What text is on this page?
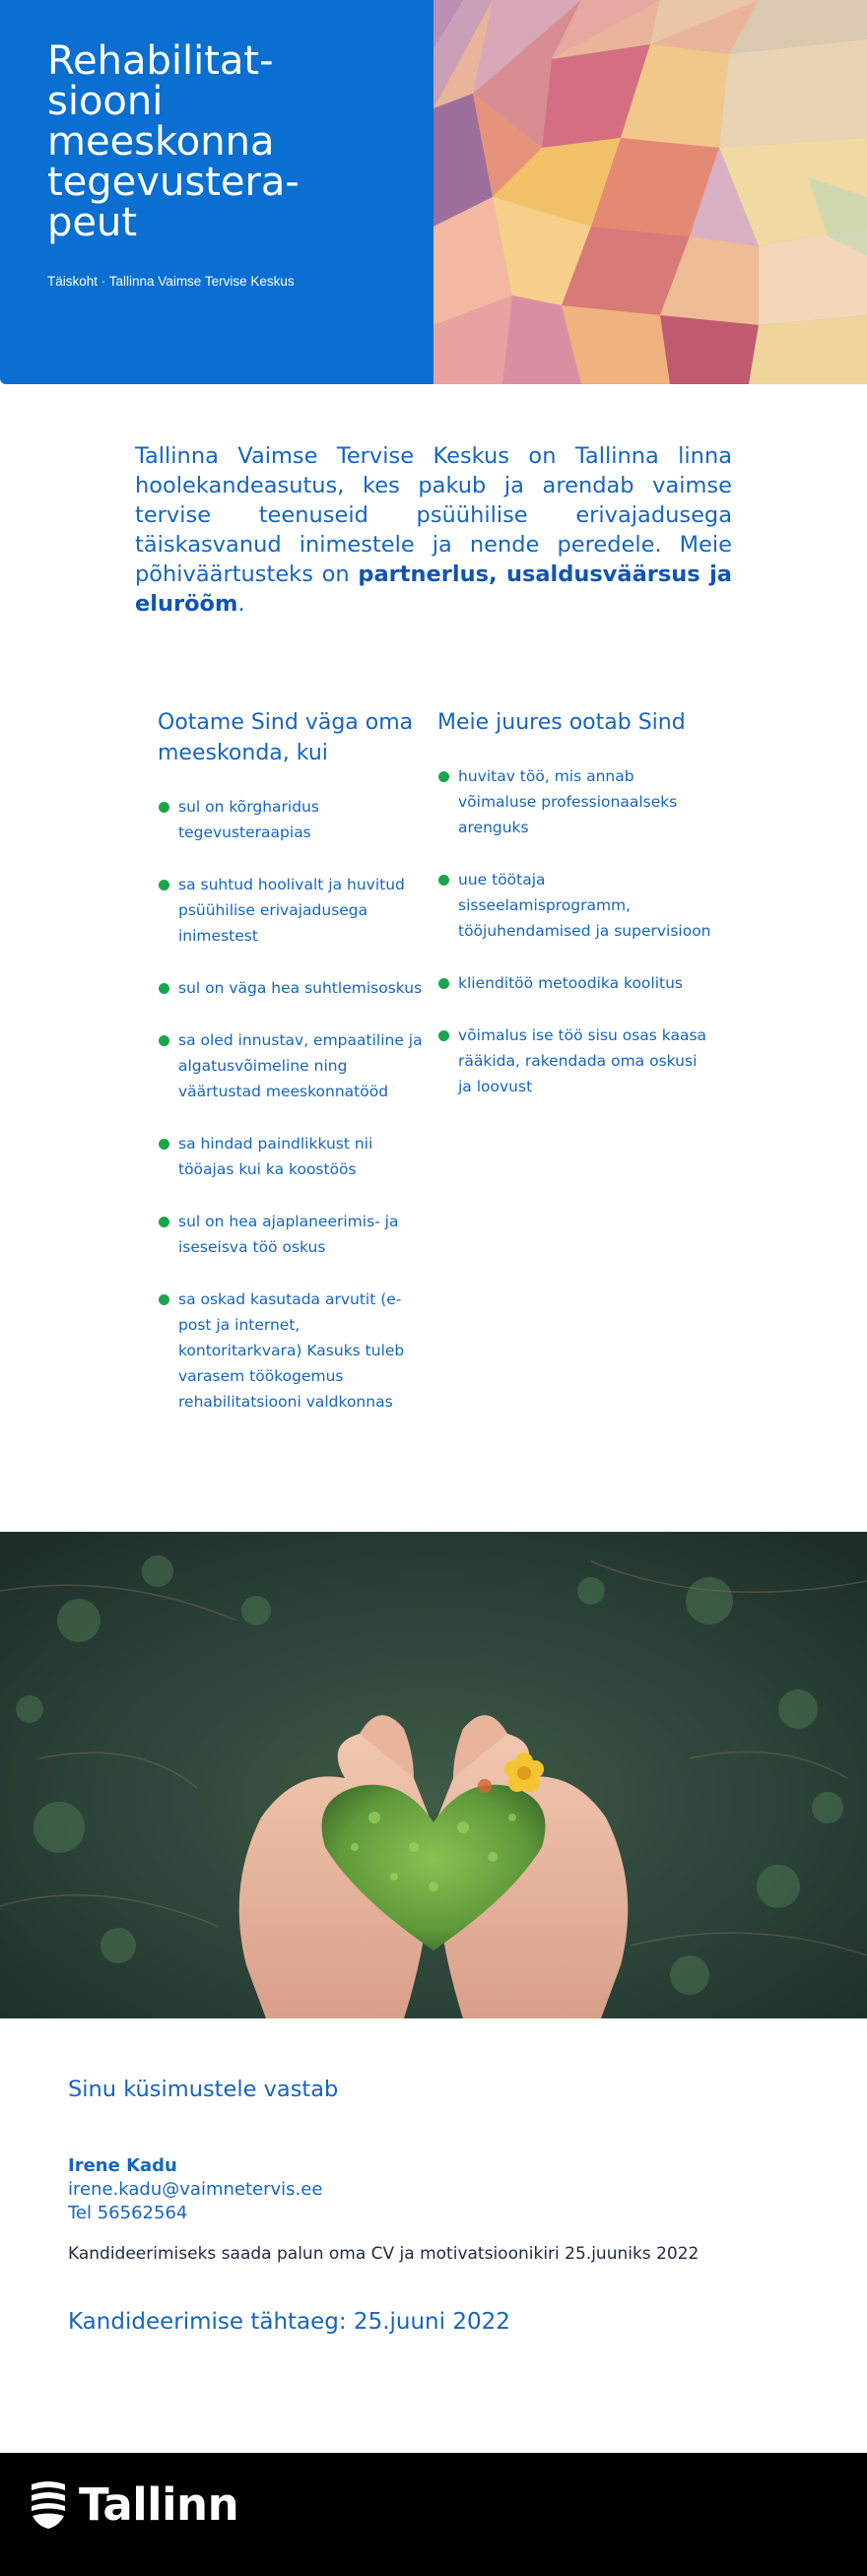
Rehabilitat-
siooni
meeskonna
tegevustera-
peut
Täiskoht · Tallinna Vaimse Tervise Keskus

Tallinna Vaimse Tervise Keskus on Tallinna linna hoolekandeasutus, kes pakub ja arendab vaimse tervise teenuseid psüühilise erivajadusega täiskasvanud inimestele ja nende peredele. Meie põhiväärtusteks on partnerlus, usaldusväärsus ja eluröõm.

Ootame Sind väga oma meeskonda, kui
sul on kõrgharidus tegevusteraapias
sa suhtud hoolivalt ja huvitud psüühilise erivajadusega inimestest
sul on väga hea suhtlemisoskus
sa oled innustav, empaatiline ja algatusvõimeline ning väärtustad meeskonnatööd
sa hindad paindlikkust nii tööajas kui ka koostöös
sul on hea ajaplaneerimis- ja iseseisva töö oskus
sa oskad kasutada arvutit (e-post ja internet, kontoritarkvara) Kasuks tuleb varasem töökogemus rehabilitatsiooni valdkonnas
Meie juures ootab Sind
huvitav töö, mis annab võimaluse professionaalseks arenguks
uue töötaja sisseelamisprogramm, tööjuhendamised ja supervisioon
klienditöö metoodika koolitus
võimalus ise töö sisu osas kaasa rääkida, rakendada oma oskusi ja loovust
Sinu küsimustele vastab
Irene Kadu
irene.kadu@vaimnetervis.ee
Tel 56562564
Kandideerimiseks saada palun oma CV ja motivatsioonikiri 25.juuniks 2022
Kandideerimise tähtaeg: 25.juuni 2022
Tallinn
